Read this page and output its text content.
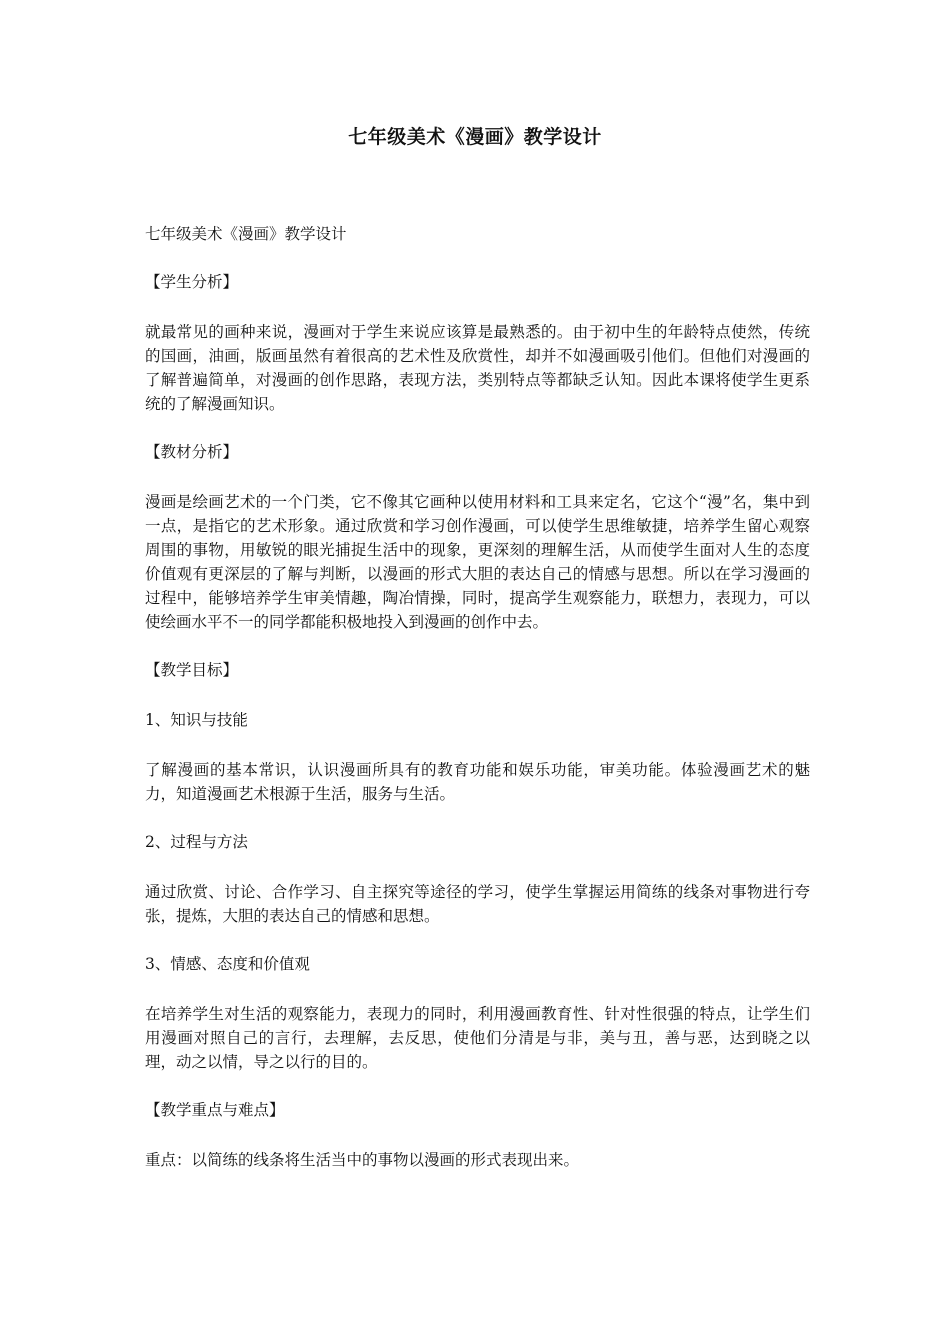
七年级美术《漫画》教学设计

七年级美术《漫画》教学设计

【学生分析】

就最常见的画种来说，漫画对于学生来说应该算是最熟悉的。由于初中生的年龄特点使然，传统的国画，油画，版画虽然有着很高的艺术性及欣赏性，却并不如漫画吸引他们。但他们对漫画的了解普遍简单，对漫画的创作思路，表现方法，类别特点等都缺乏认知。因此本课将使学生更系统的了解漫画知识。

【教材分析】

漫画是绘画艺术的一个门类，它不像其它画种以使用材料和工具来定名，它这个“漫”名，集中到一点，是指它的艺术形象。通过欣赏和学习创作漫画，可以使学生思维敏捷，培养学生留心观察周围的事物，用敏锐的眼光捕捉生活中的现象，更深刻的理解生活，从而使学生面对人生的态度价值观有更深层的了解与判断，以漫画的形式大胆的表达自己的情感与思想。所以在学习漫画的过程中，能够培养学生审美情趣，陶冶情操，同时，提高学生观察能力，联想力，表现力，可以使绘画水平不一的同学都能积极地投入到漫画的创作中去。

【教学目标】

1、知识与技能

了解漫画的基本常识，认识漫画所具有的教育功能和娱乐功能，审美功能。体验漫画艺术的魅力，知道漫画艺术根源于生活，服务与生活。

2、过程与方法

通过欣赏、讨论、合作学习、自主探究等途径的学习，使学生掌握运用简练的线条对事物进行夸张，提炼，大胆的表达自己的情感和思想。

3、情感、态度和价值观

在培养学生对生活的观察能力，表现力的同时，利用漫画教育性、针对性很强的特点，让学生们用漫画对照自己的言行，去理解，去反思，使他们分清是与非，美与丑，善与恶，达到晓之以理，动之以情，导之以行的目的。

【教学重点与难点】

重点：以简练的线条将生活当中的事物以漫画的形式表现出来。
